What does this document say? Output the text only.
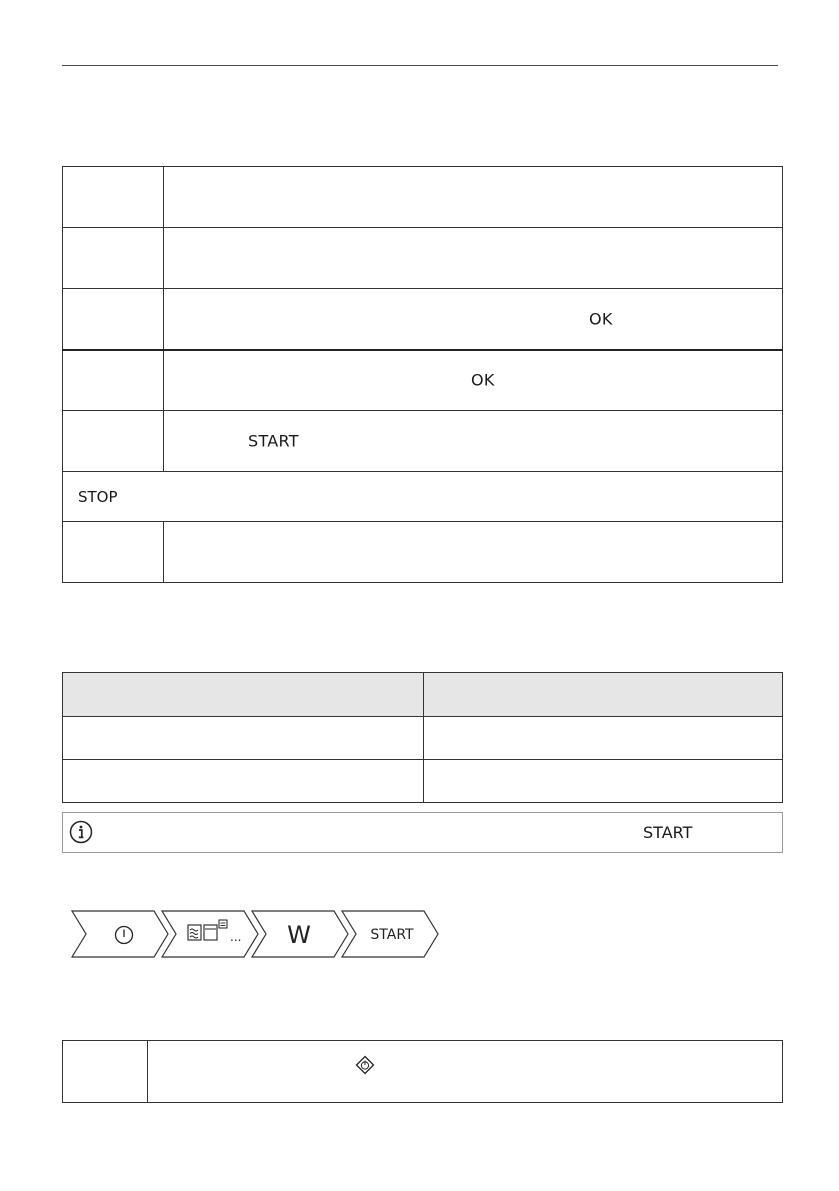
	OK

	OK

	START

STOP	

START
... W	START
